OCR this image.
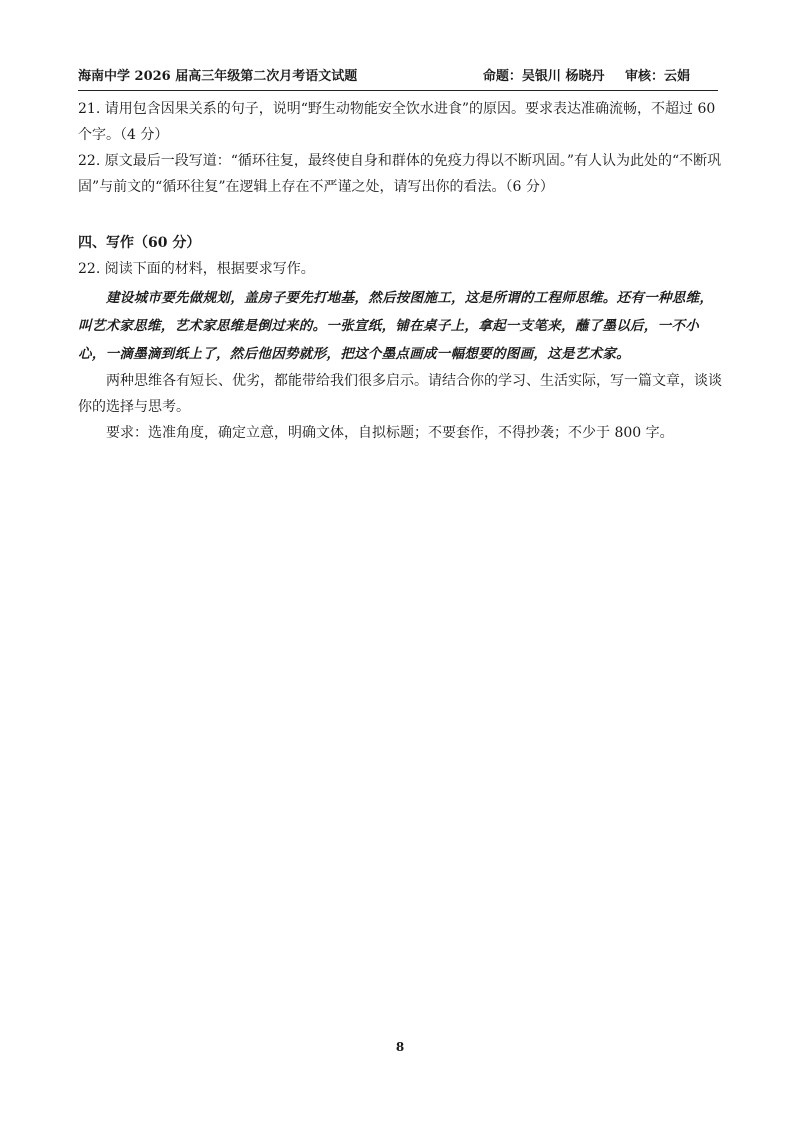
海南中学 2026 届高三年级第二次月考语文试题	命题：吴银川 杨晓丹 审核：云娟

21. 请用包含因果关系的句子，说明“野生动物能安全饮水进食”的原因。要求表达准确流畅，不超过 60 个字。（4 分）

22. 原文最后一段写道：“循环往复，最终使自身和群体的免疫力得以不断巩固。”有人认为此处的“不断巩固”与前文的“循环往复”在逻辑上存在不严谨之处，请写出你的看法。（6 分）

四、写作（60 分）

22. 阅读下面的材料，根据要求写作。

建设城市要先做规划，盖房子要先打地基，然后按图施工，这是所谓的工程师思维。还有一种思维，叫艺术家思维，艺术家思维是倒过来的。一张宣纸，铺在桌子上，拿起一支笔来，蘸了墨以后，一不小心，一滴墨滴到纸上了，然后他因势就形，把这个墨点画成一幅想要的图画，这是艺术家。

两种思维各有短长、优劣，都能带给我们很多启示。请结合你的学习、生活实际，写一篇文章，谈谈你的选择与思考。

要求：选准角度，确定立意，明确文体，自拟标题；不要套作，不得抄袭；不少于 800 字。

8
